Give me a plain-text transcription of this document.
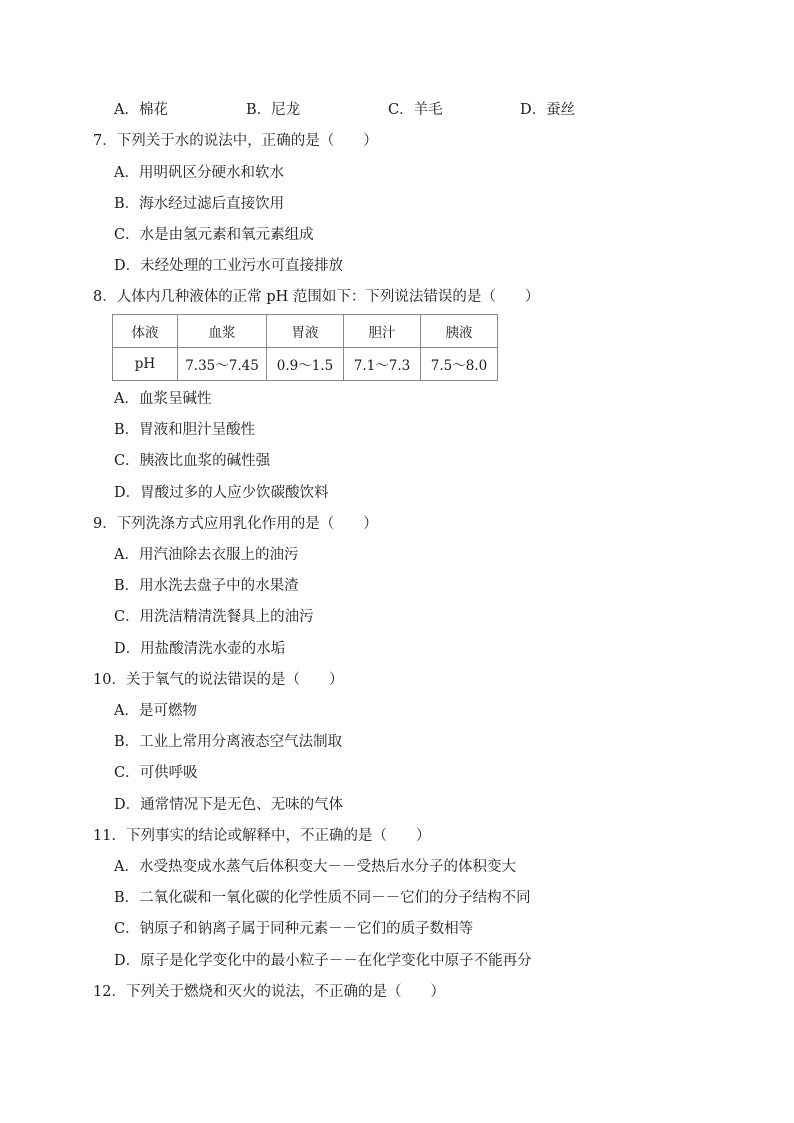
A．棉花	B．尼龙	C．羊毛	D．蚕丝
7．下列关于水的说法中，正确的是（　　）
A．用明矾区分硬水和软水
B．海水经过滤后直接饮用
C．水是由氢元素和氧元素组成
D．未经处理的工业污水可直接排放
8．人体内几种液体的正常 pH 范围如下：下列说法错误的是（　　）
体液	血浆	胃液	胆汁	胰液
pH	7.35～7.45	0.9～1.5	7.1～7.3	7.5～8.0
A．血浆呈碱性
B．胃液和胆汁呈酸性
C．胰液比血浆的碱性强
D．胃酸过多的人应少饮碳酸饮料
9．下列洗涤方式应用乳化作用的是（　　）
A．用汽油除去衣服上的油污
B．用水洗去盘子中的水果渣
C．用洗洁精清洗餐具上的油污
D．用盐酸清洗水壶的水垢
10．关于氧气的说法错误的是（　　）
A．是可燃物
B．工业上常用分离液态空气法制取
C．可供呼吸
D．通常情况下是无色、无味的气体
11．下列事实的结论或解释中，不正确的是（　　）
A．水受热变成水蒸气后体积变大－－受热后水分子的体积变大
B．二氧化碳和一氧化碳的化学性质不同－－它们的分子结构不同
C．钠原子和钠离子属于同种元素－－它们的质子数相等
D．原子是化学变化中的最小粒子－－在化学变化中原子不能再分
12．下列关于燃烧和灭火的说法，不正确的是（　　）
